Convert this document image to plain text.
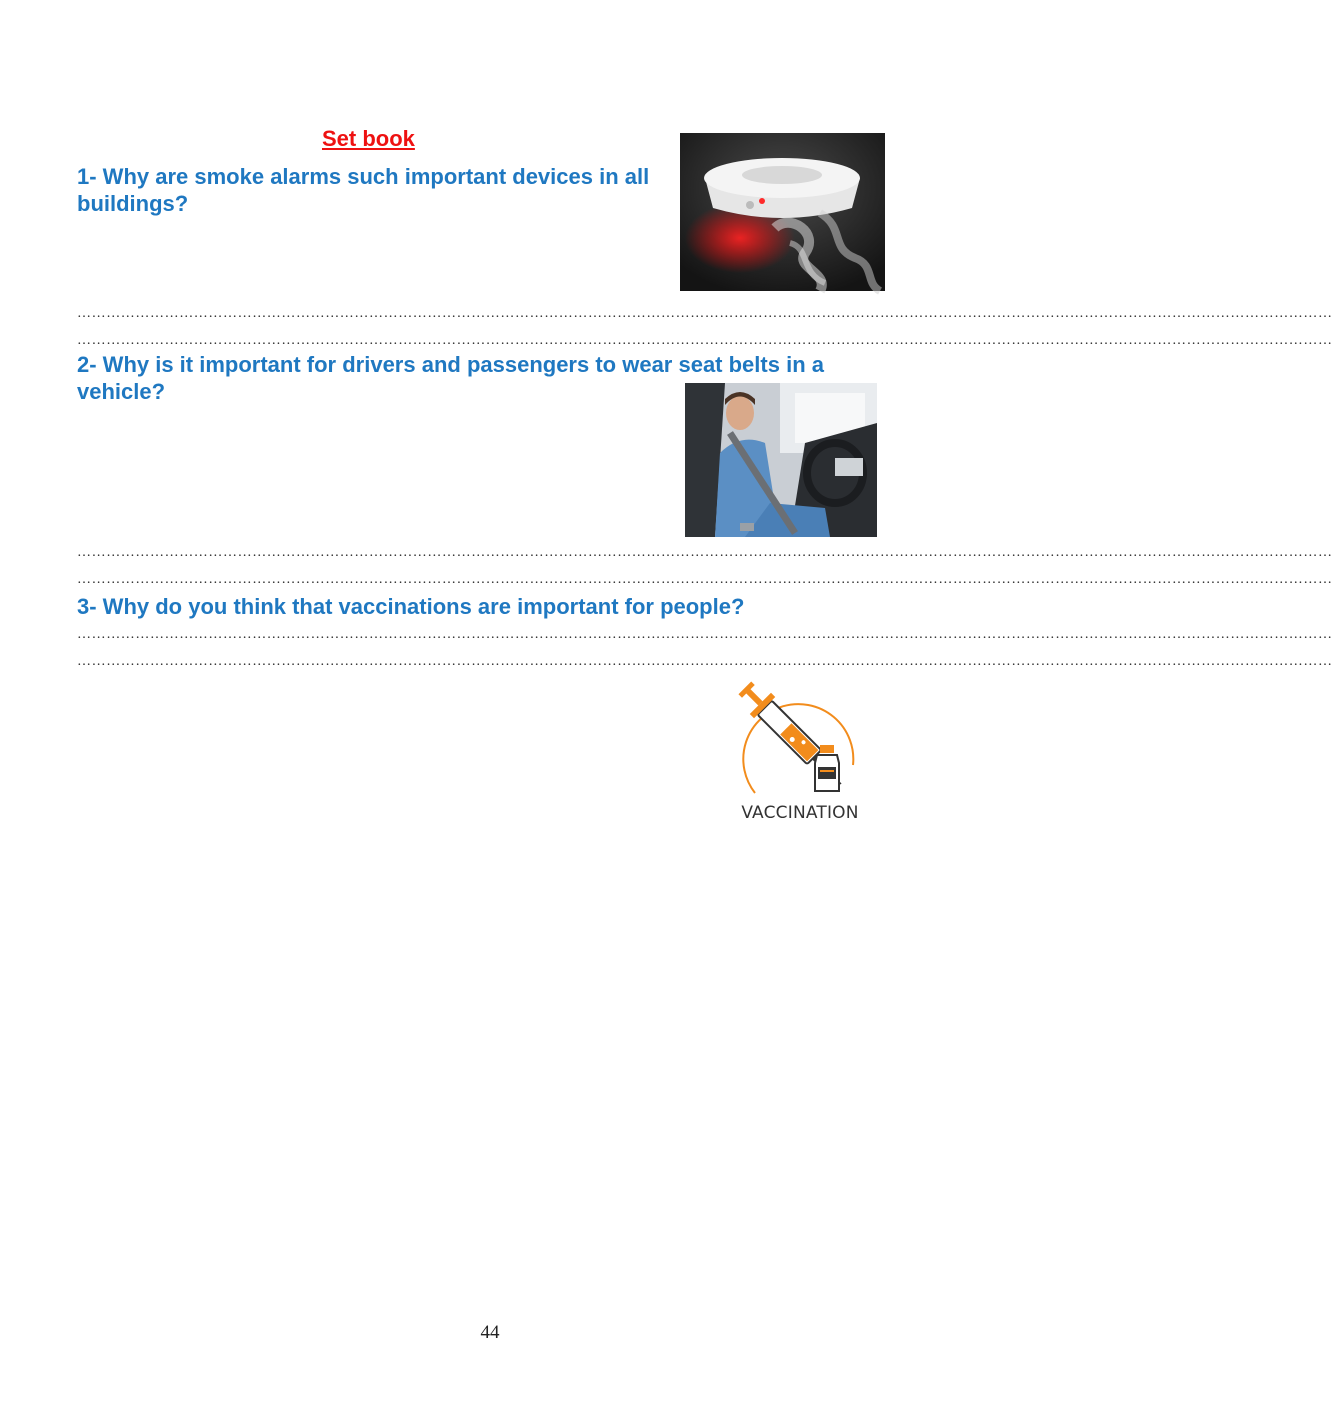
Set book

1- Why are smoke alarms such important devices in all buildings?

……………………………………………………………………………………………………………………………………………………………………………………………………………………………………
……………………………………………………………………………………………………………………………………………………………………………………………………………………………………

2- Why is it important for drivers and passengers to wear seat belts in a vehicle?

……………………………………………………………………………………………………………………………………………………………………………………………………………………………………
……………………………………………………………………………………………………………………………………………………………………………………………………………………………………

3- Why do you think that vaccinations are important for people?

……………………………………………………………………………………………………………………………………………………………………………………………………………………………………
……………………………………………………………………………………………………………………………………………………………………………………………………………………………………
VACCINATION
44
